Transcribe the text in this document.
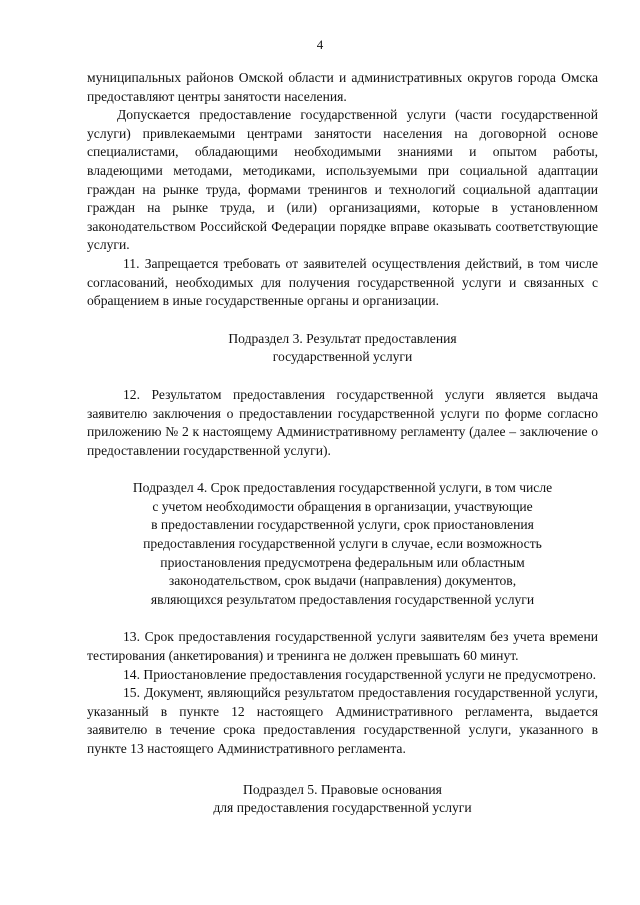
4

муниципальных районов Омской области и административных округов города Омска предоставляют центры занятости населения.

Допускается предоставление государственной услуги (части государственной услуги) привлекаемыми центрами занятости населения на договорной основе специалистами, обладающими необходимыми знаниями и опытом работы, владеющими методами, методиками, используемыми при социальной адаптации граждан на рынке труда, формами тренингов и технологий социальной адаптации граждан на рынке труда, и (или) организациями, которые в установленном законодательством Российской Федерации порядке вправе оказывать соответствующие услуги.

11. Запрещается требовать от заявителей осуществления действий, в том числе согласований, необходимых для получения государственной услуги и связанных с обращением в иные государственные органы и организации.

Подраздел 3. Результат предоставления
государственной услуги

12. Результатом предоставления государственной услуги является выдача заявителю заключения о предоставлении государственной услуги по форме согласно приложению № 2 к настоящему Административному регламенту (далее – заключение о предоставлении государственной услуги).

Подраздел 4. Срок предоставления государственной услуги, в том числе
с учетом необходимости обращения в организации, участвующие
в предоставлении государственной услуги, срок приостановления
предоставления государственной услуги в случае, если возможность
приостановления предусмотрена федеральным или областным
законодательством, срок выдачи (направления) документов,
являющихся результатом предоставления государственной услуги

13. Срок предоставления государственной услуги заявителям без учета времени тестирования (анкетирования) и тренинга не должен превышать 60 минут.

14. Приостановление предоставления государственной услуги не предусмотрено.

15. Документ, являющийся результатом предоставления государственной услуги, указанный в пункте 12 настоящего Административного регламента, выдается заявителю в течение срока предоставления государственной услуги, указанного в пункте 13 настоящего Административного регламента.

Подраздел 5. Правовые основания
для предоставления государственной услуги
